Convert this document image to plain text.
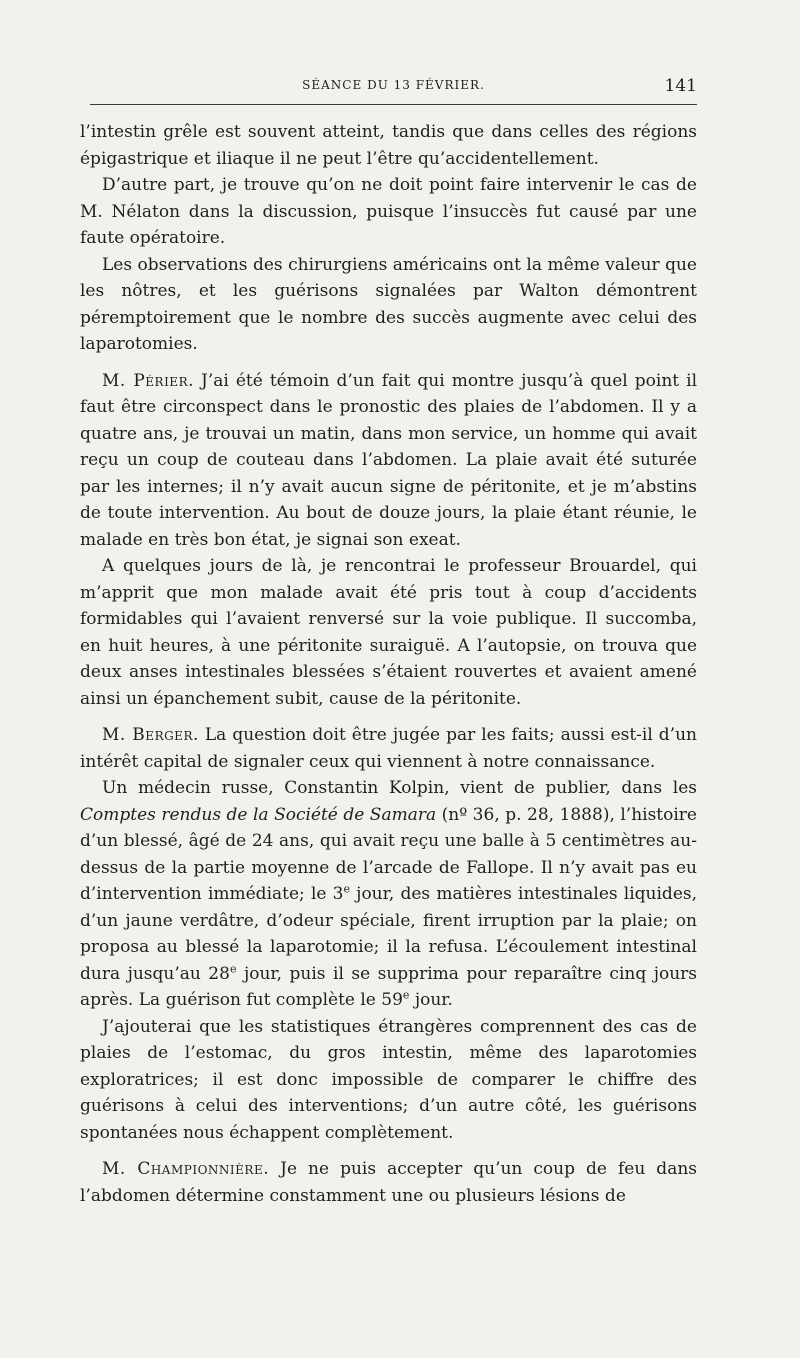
SÉANCE DU 13 FÉVRIER.	141

l’intestin grêle est souvent atteint, tandis que dans celles des régions épigastrique et iliaque il ne peut l’être qu’accidentellement.

D’autre part, je trouve qu’on ne doit point faire intervenir le cas de M. Nélaton dans la discussion, puisque l’insuccès fut causé par une faute opératoire.

Les observations des chirurgiens américains ont la même valeur que les nôtres, et les guérisons signalées par Walton démontrent péremptoirement que le nombre des succès augmente avec celui des laparotomies.

M. Périer. J’ai été témoin d’un fait qui montre jusqu’à quel point il faut être circonspect dans le pronostic des plaies de l’abdomen. Il y a quatre ans, je trouvai un matin, dans mon service, un homme qui avait reçu un coup de couteau dans l’abdomen. La plaie avait été suturée par les internes; il n’y avait aucun signe de péritonite, et je m’abstins de toute intervention. Au bout de douze jours, la plaie étant réunie, le malade en très bon état, je signai son exeat.

A quelques jours de là, je rencontrai le professeur Brouardel, qui m’apprit que mon malade avait été pris tout à coup d’accidents formidables qui l’avaient renversé sur la voie publique. Il succomba, en huit heures, à une péritonite suraiguë. A l’autopsie, on trouva que deux anses intestinales blessées s’étaient rouvertes et avaient amené ainsi un épanchement subit, cause de la péritonite.

M. Berger. La question doit être jugée par les faits; aussi est-il d’un intérêt capital de signaler ceux qui viennent à notre connaissance.

Un médecin russe, Constantin Kolpin, vient de publier, dans les Comptes rendus de la Société de Samara (nº 36, p. 28, 1888), l’histoire d’un blessé, âgé de 24 ans, qui avait reçu une balle à 5 centimètres au-dessus de la partie moyenne de l’arcade de Fallope. Il n’y avait pas eu d’intervention immédiate; le 3e jour, des matières intestinales liquides, d’un jaune verdâtre, d’odeur spéciale, firent irruption par la plaie; on proposa au blessé la laparotomie; il la refusa. L’écoulement intestinal dura jusqu’au 28e jour, puis il se supprima pour reparaître cinq jours après. La guérison fut complète le 59e jour.

J’ajouterai que les statistiques étrangères comprennent des cas de plaies de l’estomac, du gros intestin, même des laparotomies exploratrices; il est donc impossible de comparer le chiffre des guérisons à celui des interventions; d’un autre côté, les guérisons spontanées nous échappent complètement.

M. Championnière. Je ne puis accepter qu’un coup de feu dans l’abdomen détermine constamment une ou plusieurs lésions de
